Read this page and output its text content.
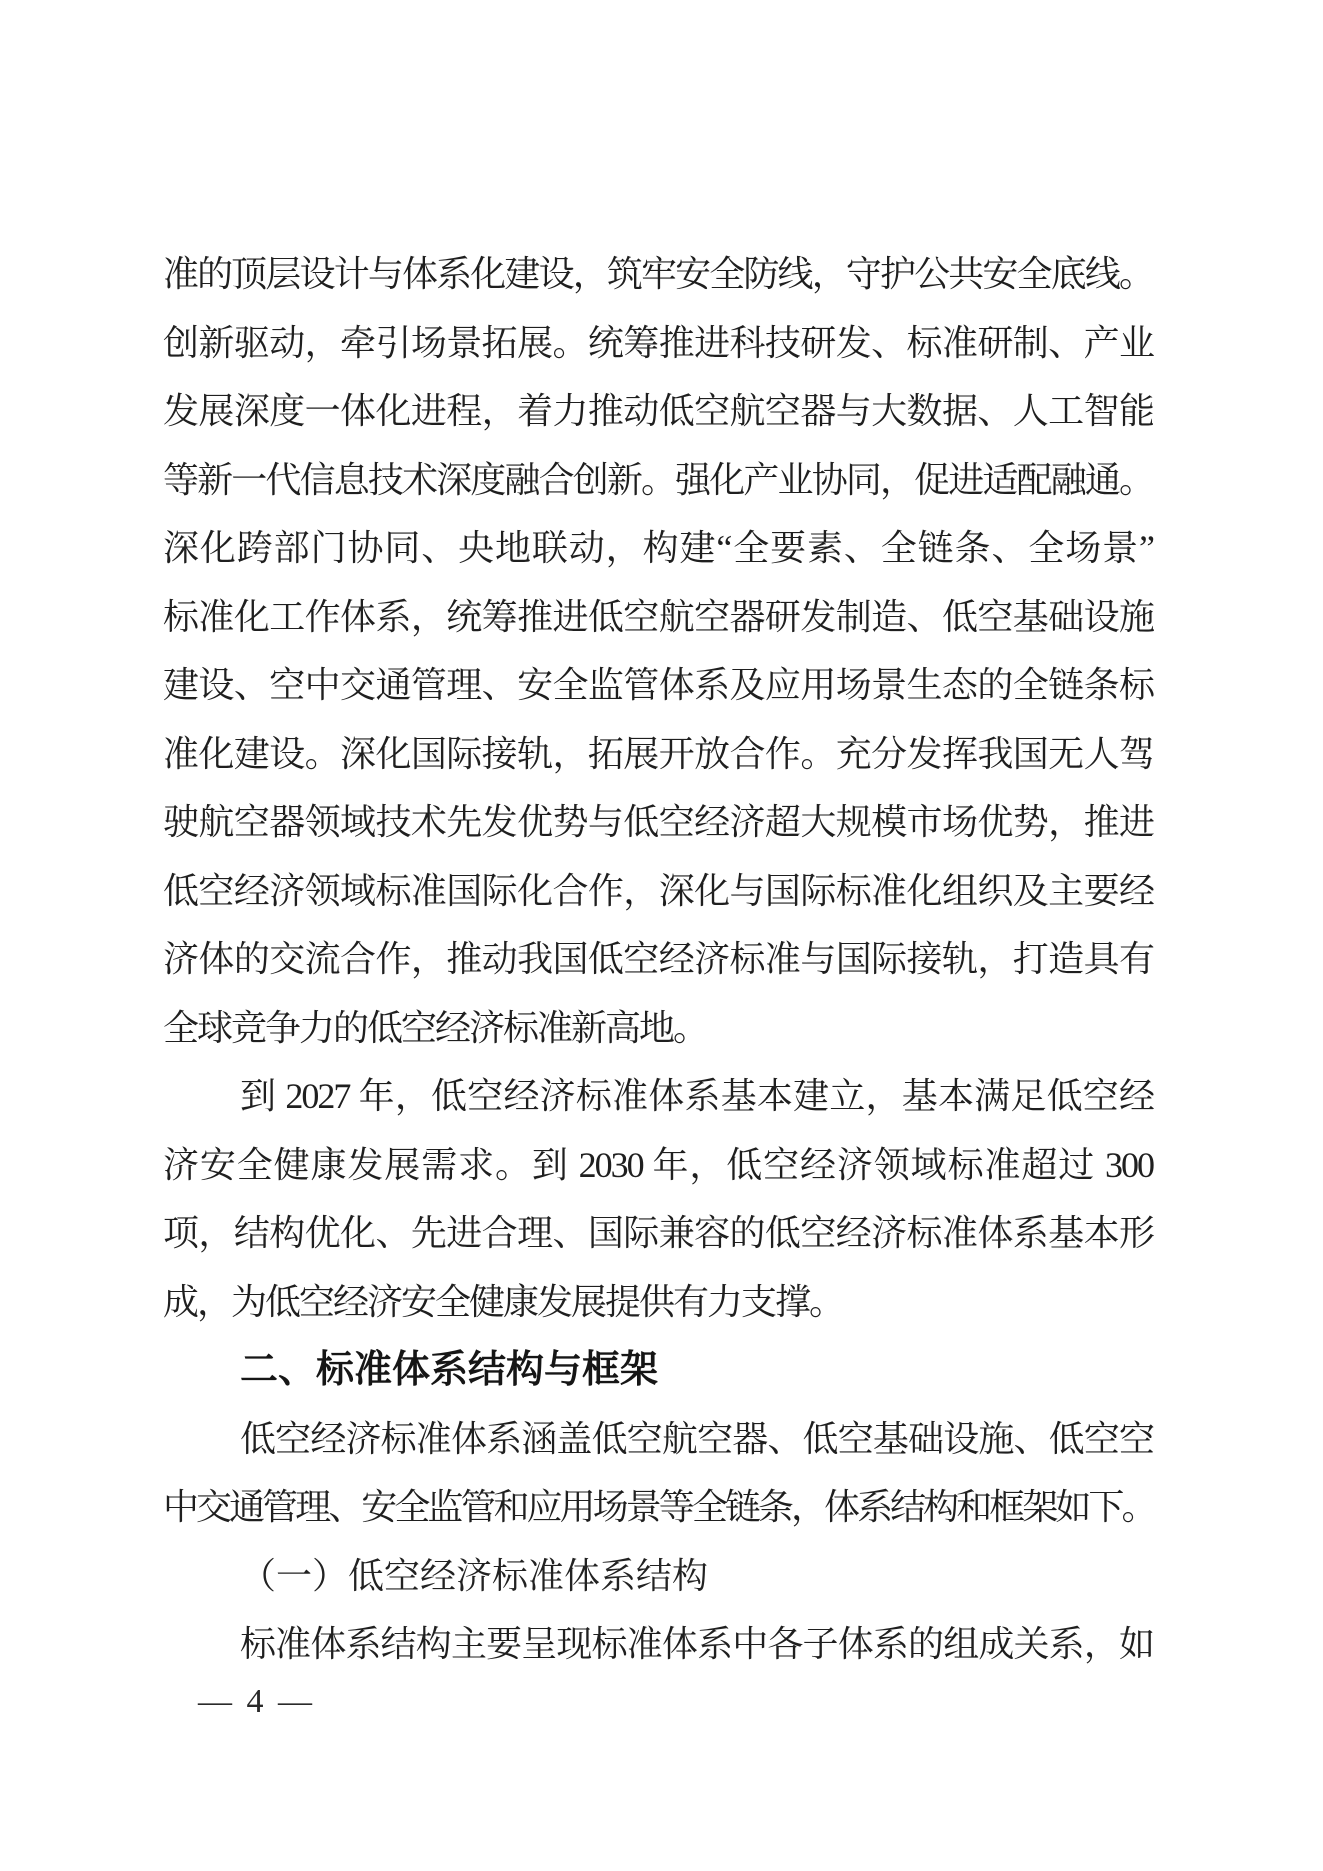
准的顶层设计与体系化建设，筑牢安全防线，守护公共安全底线。
创新驱动，牵引场景拓展。统筹推进科技研发、标准研制、产业
发展深度一体化进程，着力推动低空航空器与大数据、人工智能
等新一代信息技术深度融合创新。强化产业协同，促进适配融通。
深化跨部门协同、央地联动，构建“全要素、全链条、全场景”
标准化工作体系，统筹推进低空航空器研发制造、低空基础设施
建设、空中交通管理、安全监管体系及应用场景生态的全链条标
准化建设。深化国际接轨，拓展开放合作。充分发挥我国无人驾
驶航空器领域技术先发优势与低空经济超大规模市场优势，推进
低空经济领域标准国际化合作，深化与国际标准化组织及主要经
济体的交流合作，推动我国低空经济标准与国际接轨，打造具有
全球竞争力的低空经济标准新高地。
到 2027 年，低空经济标准体系基本建立，基本满足低空经
济安全健康发展需求。到 2030 年，低空经济领域标准超过 300
项，结构优化、先进合理、国际兼容的低空经济标准体系基本形
成，为低空经济安全健康发展提供有力支撑。
二、标准体系结构与框架
低空经济标准体系涵盖低空航空器、低空基础设施、低空空
中交通管理、安全监管和应用场景等全链条，体系结构和框架如下。
（一）低空经济标准体系结构
标准体系结构主要呈现标准体系中各子体系的组成关系，如
— 4 —
